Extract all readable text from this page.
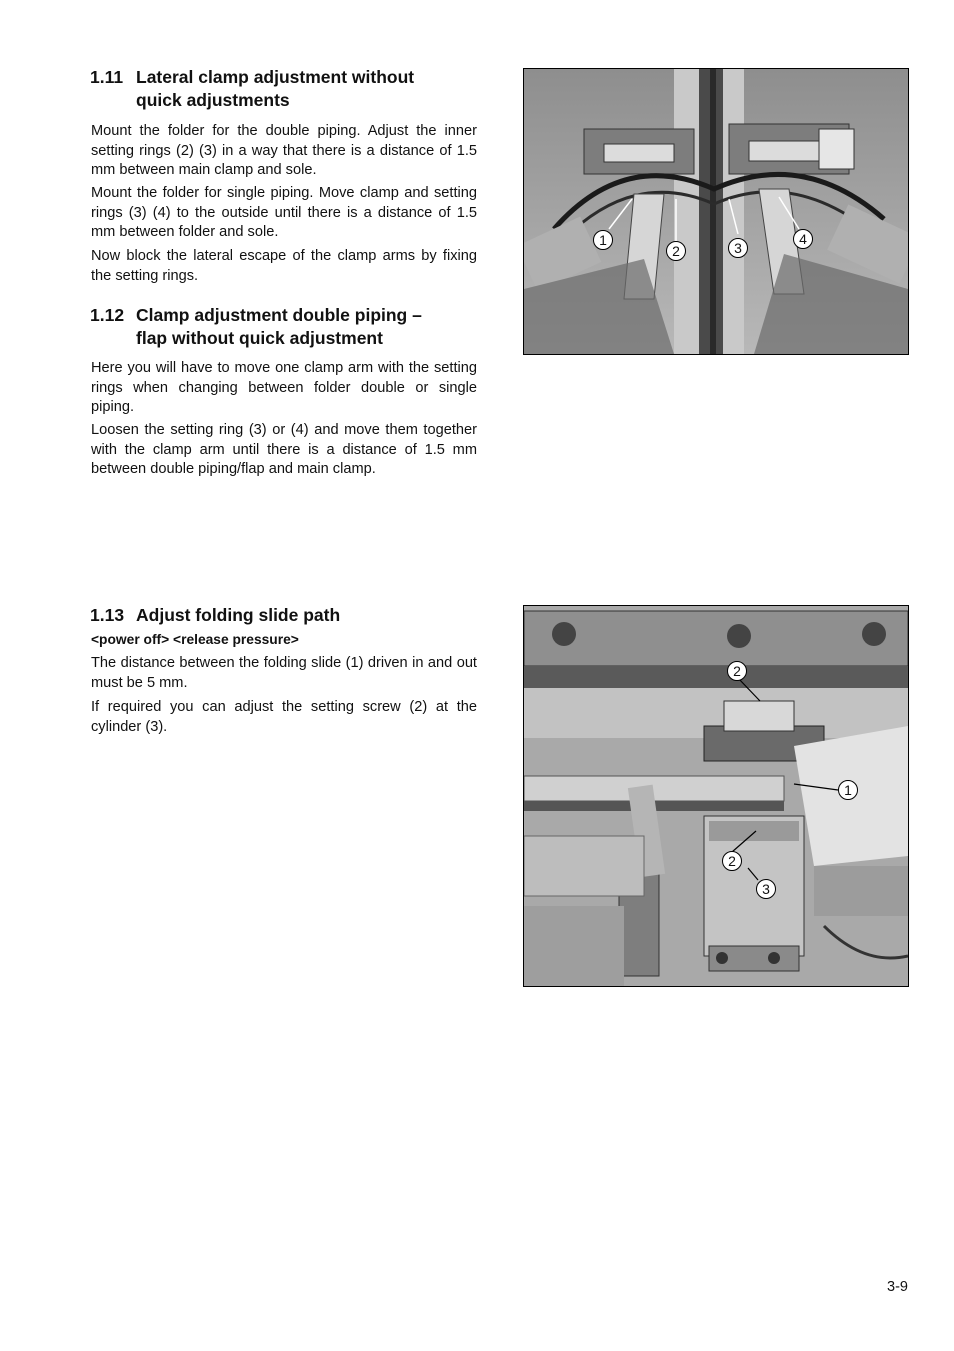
1.11 Lateral clamp adjustment without
quick adjustments

Mount the folder for the double piping. Adjust the inner setting rings (2) (3) in a way that there is a distance of 1.5 mm between main clamp and sole.

Mount the folder for single piping. Move clamp and setting rings (3) (4) to the outside until there is a distance of 1.5 mm between folder and sole.

Now block the lateral escape of the clamp arms by fixing the setting rings.

1.12 Clamp adjustment double piping –
flap without quick adjustment

Here you will have to move one clamp arm with the setting rings when changing between folder double or single piping.

Loosen the setting ring (3) or (4) and move them together with the clamp arm until there is a distance of 1.5 mm between double piping/flap and main clamp.

1.13 Adjust folding slide path

<power off> <release pressure>

The distance between the folding slide (1) driven in and out must be 5 mm.

If required you can adjust the setting screw (2) at the cylinder (3).

1
2	3
4
2
1
2
3
3-9
